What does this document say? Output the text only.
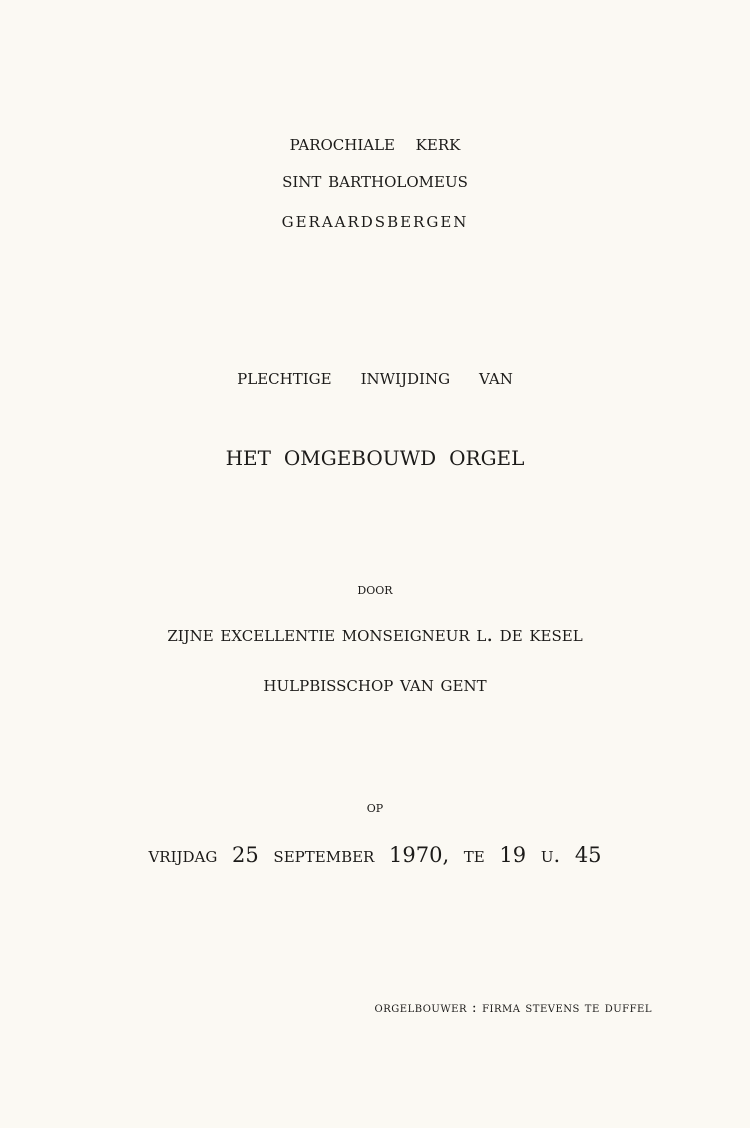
parochiale kerk
sint bartholomeus
geraardsbergen
plechtige inwijding van
het omgebouwd orgel
door
zijne excellentie monseigneur l. de kesel
hulpbisschop van gent
op
vrijdag 25 september 1970, te 19 u. 45
orgelbouwer : firma stevens te duffel
